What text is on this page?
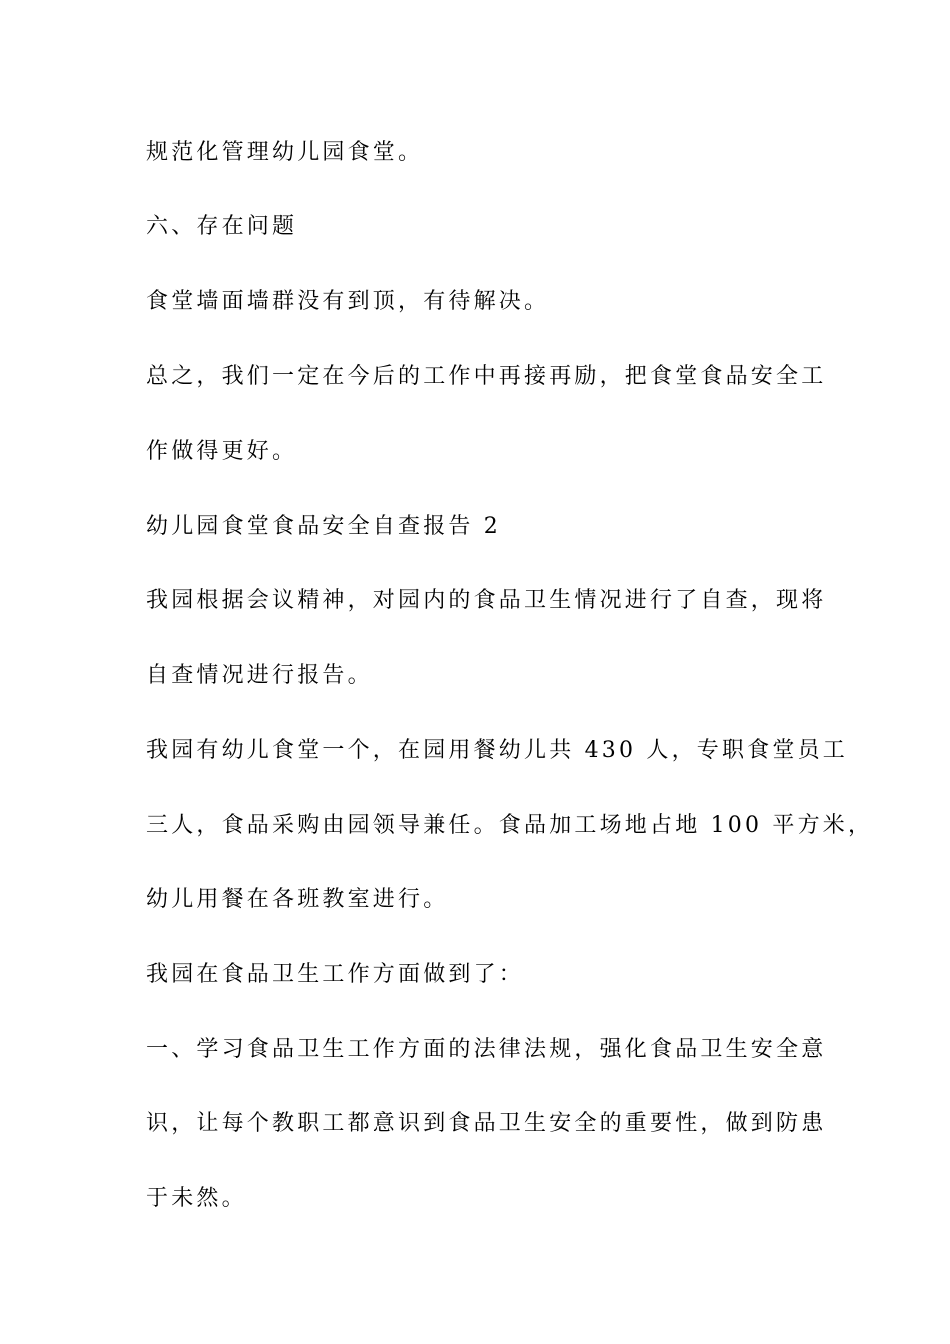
规范化管理幼儿园食堂。

六、存在问题

食堂墙面墙群没有到顶，有待解决。

总之，我们一定在今后的工作中再接再励，把食堂食品安全工

作做得更好。

幼儿园食堂食品安全自查报告 2

我园根据会议精神，对园内的食品卫生情况进行了自查，现将

自查情况进行报告。

我园有幼儿食堂一个，在园用餐幼儿共 430 人，专职食堂员工

三人，食品采购由园领导兼任。食品加工场地占地 100 平方米，

幼儿用餐在各班教室进行。

我园在食品卫生工作方面做到了：

一、学习食品卫生工作方面的法律法规，强化食品卫生安全意

识，让每个教职工都意识到食品卫生安全的重要性，做到防患

于未然。
